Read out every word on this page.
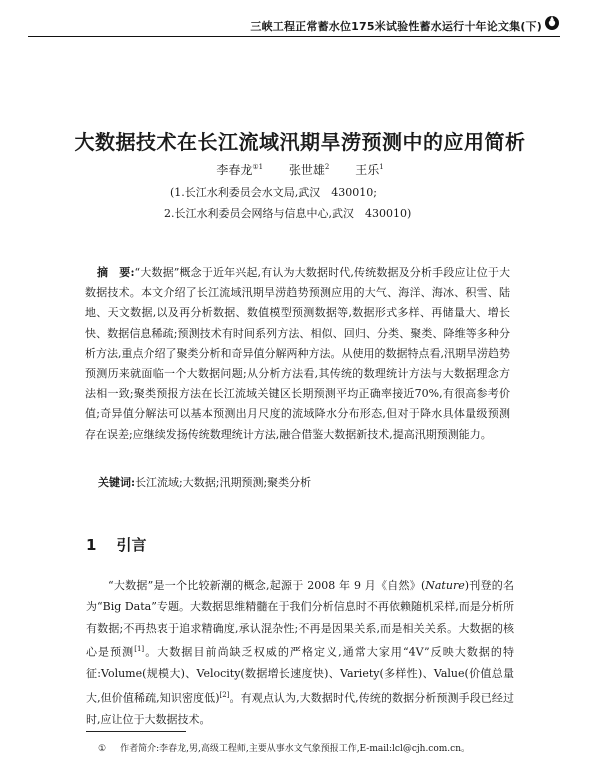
三峡工程正常蓄水位175米试验性蓄水运行十年论文集(下)
大数据技术在长江流域汛期旱涝预测中的应用简析
李春龙$^{①1}$ 张世雄$^2$ 王乐$^1$
(1.长江水利委员会水文局,武汉　430010;
2.长江水利委员会网络与信息中心,武汉　430010)
摘　要:“大数据”概念于近年兴起,有认为大数据时代,传统数据及分析手段应让位于大数据技术。本文介绍了长江流域汛期旱涝趋势预测应用的大气、海洋、海冰、积雪、陆地、天文数据,以及再分析数据、数值模型预测数据等,数据形式多样、再储量大、增长快、数据信息稀疏;预测技术有时间系列方法、相似、回归、分类、聚类、降维等多种分析方法,重点介绍了聚类分析和奇异值分解两种方法。从使用的数据特点看,汛期旱涝趋势预测历来就面临一个大数据问题;从分析方法看,其传统的数理统计方法与大数据理念方法相一致;聚类预报方法在长江流域关键区长期预测平均正确率接近70%,有很高参考价值;奇异值分解法可以基本预测出月尺度的流域降水分布形态,但对于降水具体量级预测存在误差;应继续发扬传统数理统计方法,融合借鉴大数据新技术,提高汛期预测能力。
关键词:长江流域;大数据;汛期预测;聚类分析
1 引言
“大数据”是一个比较新潮的概念,起源于 2008 年 9 月《自然》(Nature)刊登的名为“Big Data”专题。大数据思维精髓在于我们分析信息时不再依赖随机采样,而是分析所有数据;不再热衷于追求精确度,承认混杂性;不再是因果关系,而是相关关系。大数据的核心是预测[1]。大数据目前尚缺乏权威的严格定义,通常大家用“4V”反映大数据的特征:Volume(规模大)、Velocity(数据增长速度快)、Variety(多样性)、Value(价值总量大,但价值稀疏,知识密度低)[2]。有观点认为,大数据时代,传统的数据分析预测手段已经过时,应让位于大数据技术。
① 作者简介:李春龙,男,高级工程师,主要从事水文气象预报工作,E-mail:lcl@cjh.com.cn。
